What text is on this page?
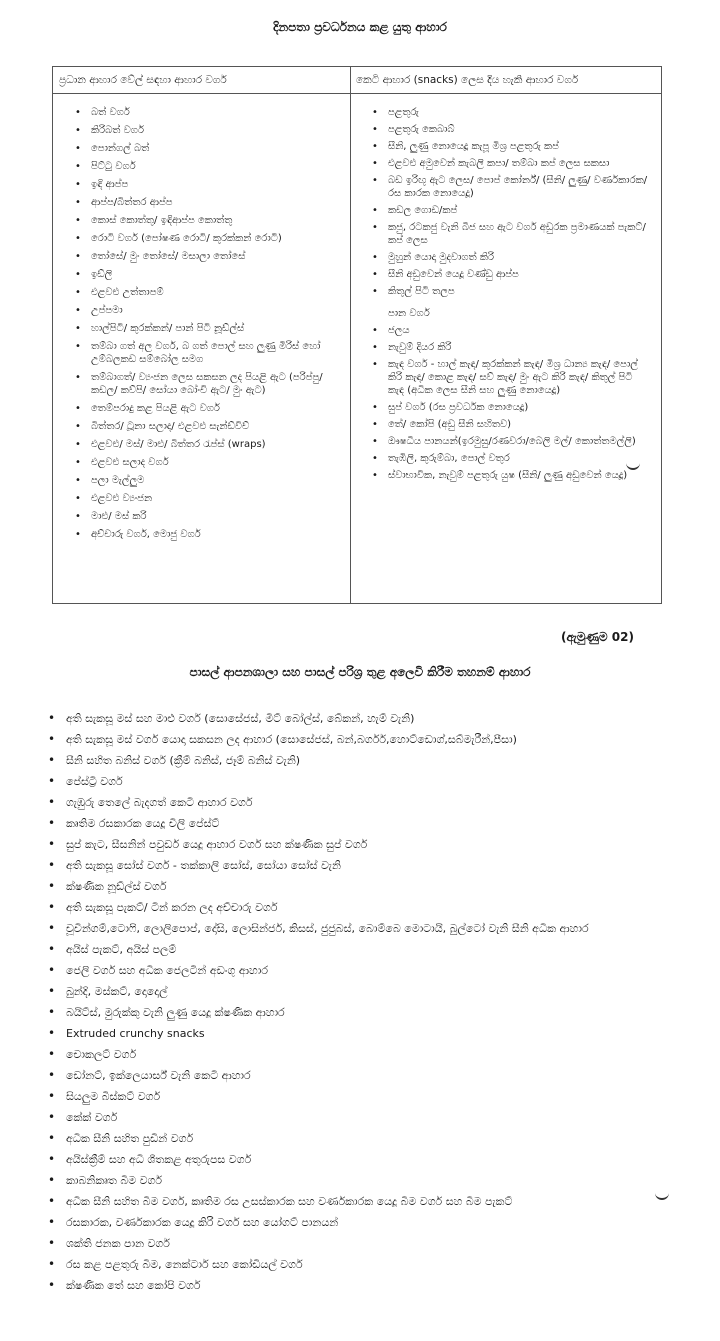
දිනපතා ප්‍රවර්ධනය කළ යුතු ආහාර
ප්‍රධාන ආහාර වේල් සඳහා ආහාර වර්ග
• බත් වර්ග
• කිරිබත් වර්ග
• පොන්ගල් බත්
• පිට්ටු වර්ග
• ඉඳි ආප්ප
• ආප්ප/බිත්තර ආප්ප
• කොස් කොත්තු/ ඉඳිආප්ප කොත්තු
• රොටි වර්ග (පෝෂණ රොටි/ කුරක්කන් රොටි)
• තෝසේ/ මුං තෝසේ/ මසාලා තෝසේ
• ඉඩ්ලි
• එළවළු උත්තාපම්
• උප්පමා
• හාල්පිටි/ කුරක්කන්/ පාන් පිටි නූඩ්ල්ස්
• තම්බා ගත් අල වර්ග, බ ගත් පොල් සහ ලුණු මිරිස් හෝ උම්බලකඩ සම්බෝල සමග
• තම්බාගත්/ ව්‍යංජන ලෙස සකසන ලද පියළි ඇට (පරිප්පු/ කඩල/ කව්පි/ සෝයා බෝංචි ඇට/ මුං ඇට)
• තෙම්පරාදු කළ පියළි ඇට වර්ග
• බිත්තර/ ටූනා සලාද/ එළවළු සැන්ඩ්විච්
• එළවළු/ මස්/ මාළු/ බිත්තර රැප්ස් (wraps)
• එළවළු සලාද වර්ග
• පලා මැල්ලුම
• එළවළු ව්‍යංජන
• මාළු/ මස් කරි
• අච්චාරු වර්ග, මොජු වර්ග
කෙටි ආහාර (snacks) ලෙස දිය හැකි ආහාර වර්ග
• පළතුරු
• පළතුරු කෙබාබ්
• සීනි, ලුණු නොයෙදූ කැපූ මිශ්‍ර පළතුරු කප්
• එළවළු අමුවෙන් කැබලි කපා/ තම්බා කප් ලෙස සකසා
• බඩ ඉරිඟු ඇට ලෙස/ පොප් කෝර්න්/ (සීනි/ ලුණු/ වර්ණකාරක/ රස කාරක නොයෙදූ)
• කඩල ගොඩ/කප්
• කජු, රටකජු වැනි බීජ සහ ඇට වර්ග අඩුරක ප්‍රමාණයක් පැකට්/ කප් ලෙස
• මුහුන් යොදා මුදවාගත් කිරි
• සීනි අඩුවෙන් යෙදූ වණ්ඩු ආප්ප
• කිතුල් පිටි තලප
පාන වර්ග
• ජලය
• නැවුම් දියර කිරි
• කැඳ වර්ග - හාල් කැඳ/ කුරක්කන් කැඳ/ මිශ්‍ර ධාන්‍ය කැඳ/ පොල් කිරි කැඳ/ කොළ කැඳ/ සව් කැඳ/ මුං ඇට කිරි කැඳ/ කිතුල් පිටි කැඳ (අධික ලෙස සීනි සහ ලුණු නොයෙදූ)
• සුප් වර්ග (රස ප්‍රවර්ධක නොයෙදූ)
• තේ/ කෝපි (අඩු සීනි සහිතව)
• ඖෂධීය පානයන්(ඉරමුසු/රණවරා/බෙලි මල්/ කොත්තමල්ලි)
• තැඹිලි, කුරුම්බා, පොල් වතුර
• ස්වාභාවික, නැවුම් පළතුරු යුෂ (සීනි/ ලුණු අඩුවෙන් යෙදූ)
(ඇමුණුම 02)
පාසල් ආපනශාලා සහ පාසල් පරිශ්‍ර තුළ අලෙවි කිරීම තහනම් ආහාර
• අති සැකසූ මස් සහ මාළු වර්ග (සොසේජස්, මීට් බෝල්ස්, බේකන්, හැම් වැනි)
• අති සැකසූ මස් වර්ග යොදා සකසන ලද ආහාර (සොසේජස්, බන්,බර්ගර්,හොට්ඩොග්,සබ්මැරීන්,පීසා)
• සීනි සහිත බනිස් වර්ග (ක්‍රීම් බනිස්, ජෑම් බනිස් වැනි)
• පේස්ට්‍රි වර්ග
• ගැඹුරු තෙලේ බැදගත් කෙටි ආහාර වර්ග
• කෘතිම රසකාරක යෙදූ චිලි පේස්ට්
• සුප් කැට, සීසනින් පවුඩර් යෙදූ ආහාර වර්ග සහ ක්ෂණික සුප් වර්ග
• අති සැකසූ සෝස් වර්ග - තක්කාලි සෝස්, සෝයා සෝස් වැනි
• ක්ෂණික නූඩ්ල්ස් වර්ග
• අති සැකසූ පැකට්/ ටින් කරන ලද අච්චාරු වර්ග
• චූවින්ගම්,ටොෆි, ලොලිපොප්, දෝසි, ලොසින්ජර්, කිසස්, ජුජුබස්, බොම්බෙ මොටායි, බුල්ටෝ වැනි සීනි අධික ආහාර
• අයිස් පැකට්, අයිස් පලම්
• ජෙලි වර්ග සහ අධික ජෙලටින් අඩංගු ආහාර
• බුන්දි, මස්කට්, දොදොල්
• බයිට්ස්, මුරුක්කු වැනි ලුණු යෙදූ ක්ෂණික ආහාර
• Extruded crunchy snacks
• චොකලට් වර්ග
• ඩෝනට්, ඉක්ලෙයාර්ස් වැනි කෙටි ආහාර
• සියලුම බිස්කට් වර්ග
• කේක් වර්ග
• අධික සීනි සහිත පුඩින් වර්ග
• අයිස්ක්‍රීම් සහ අධි ශීතකළ අතුරුපස වර්ග
• කාබනිකෘත බීම වර්ග
• අධික සීනි සහිත බීම වර්ග, කෘතිම රස උසස්කාරක සහ වර්ණකාරක යෙදූ බීම වර්ග සහ බීම පැකට්
• රසකාරක, වර්ණකාරක යෙදූ කිරි වර්ග සහ යෝගට් පානයන්
• ශක්ති ජනක පාන වර්ග
• රස කළ පළතුරු බීම, නෙක්ටාර් සහ කෝඩියල් වර්ග
• ක්ෂණික තේ සහ කෝපි වර්ග
